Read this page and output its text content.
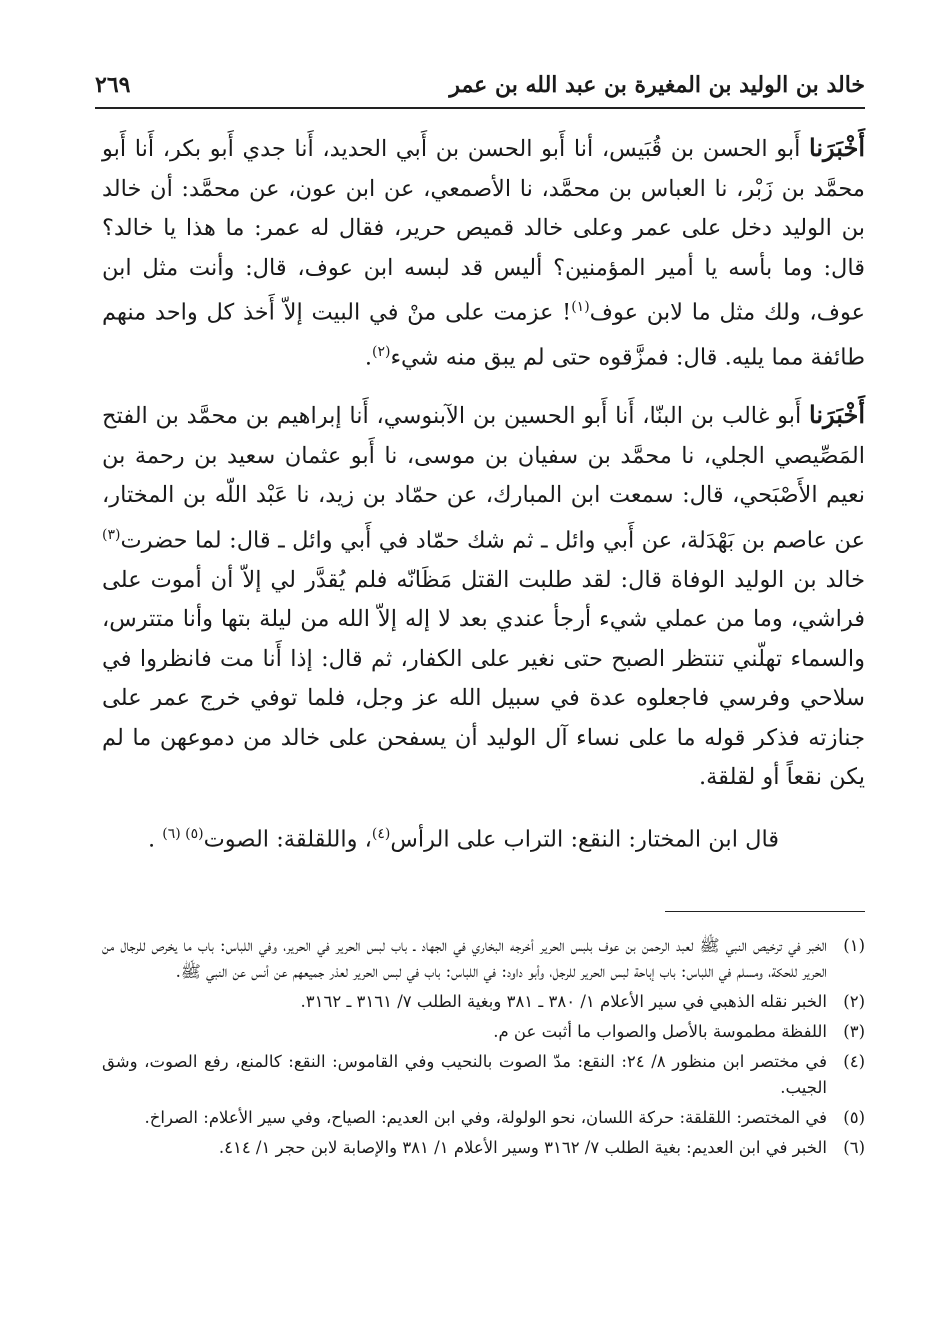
خالد بن الوليد بن المغيرة بن عبد الله بن عمر
٢٦٩

أَخْبَرَنا أَبو الحسن بن قُبَيس، أنا أَبو الحسن بن أَبي الحديد، أَنا جدي أَبو بكر، أَنا أَبو محمَّد بن زَبْر، نا العباس بن محمَّد، نا الأصمعي، عن ابن عون، عن محمَّد: أن خالد بن الوليد دخل على عمر وعلى خالد قميص حرير، فقال له عمر: ما هذا يا خالد؟ قال: وما بأسه يا أمير المؤمنين؟ أليس قد لبسه ابن عوف، قال: وأنت مثل ابن عوف، ولك مثل ما لابن عوف$^{(١)}$! عزمت على منْ في البيت إلاّ أَخذ كل واحد منهم طائفة مما يليه. قال: فمزَّقوه حتى لم يبق منه شيء$^{(٢)}$.

أَخْبَرَنا أَبو غالب بن البنّا، أَنا أَبو الحسين بن الآبنوسي، أَنا إبراهيم بن محمَّد بن الفتح المَصِّيصي الجلي، نا محمَّد بن سفيان بن موسى، نا أَبو عثمان سعيد بن رحمة بن نعيم الأَصْبَحي، قال: سمعت ابن المبارك، عن حمّاد بن زيد، نا عَبْد اللّه بن المختار، عن عاصم بن بَهْدَلة، عن أَبي وائل ـ ثم شك حمّاد في أَبي وائل ـ قال: لما حضرت$^{(٣)}$ خالد بن الوليد الوفاة قال: لقد طلبت القتل مَظَانّه فلم يُقدَّر لي إلاّ أن أموت على فراشي، وما من عملي شيء أرجأ عندي بعد لا إله إلاّ الله من ليلة بتها وأنا متترس، والسماء تهلّني تنتظر الصبح حتى نغير على الكفار، ثم قال: إذا أَنا مت فانظروا في سلاحي وفرسي فاجعلوه عدة في سبيل الله عز وجل، فلما توفي خرج عمر على جنازته فذكر قوله ما على نساء آل الوليد أن يسفحن على خالد من دموعهن ما لم يكن نقعاً أو لقلقة.

قال ابن المختار: النقع: التراب على الرأس$^{(٤)}$، واللقلقة: الصوت$^{(٥) (٦)}$ .

(١)
الخبر في ترخيص النبي ﷺ لعبد الرحمن بن عوف بلبس الحرير أخرجه البخاري في الجهاد ـ باب لبس الحرير في الحرير، وفي اللباس: باب ما يخرص للرجال من الحرير للحكة، ومسلم في اللباس: باب إباحة لبس الحرير للرجل، وأبو داود: في اللباس: باب في لبس الحرير لعذر جميعهم عن أنس عن النبي ﷺ.
(٢)
الخبر نقله الذهبي في سير الأعلام ١/ ٣٨٠ ـ ٣٨١ وبغية الطلب ٧/ ٣١٦١ ـ ٣١٦٢.
(٣)
اللفظة مطموسة بالأصل والصواب ما أثبت عن م.
(٤)
في مختصر ابن منظور ٨/ ٢٤: النقع: مدّ الصوت بالنحيب وفي القاموس: النقع: كالمنع، رفع الصوت، وشق الجيب.
(٥)
في المختصر: اللقلقة: حركة اللسان، نحو الولولة، وفي ابن العديم: الصياح، وفي سير الأعلام: الصراخ.
(٦)
الخبر في ابن العديم: بغية الطلب ٧/ ٣١٦٢ وسير الأعلام ١/ ٣٨١ والإصابة لابن حجر ١/ ٤١٤.
